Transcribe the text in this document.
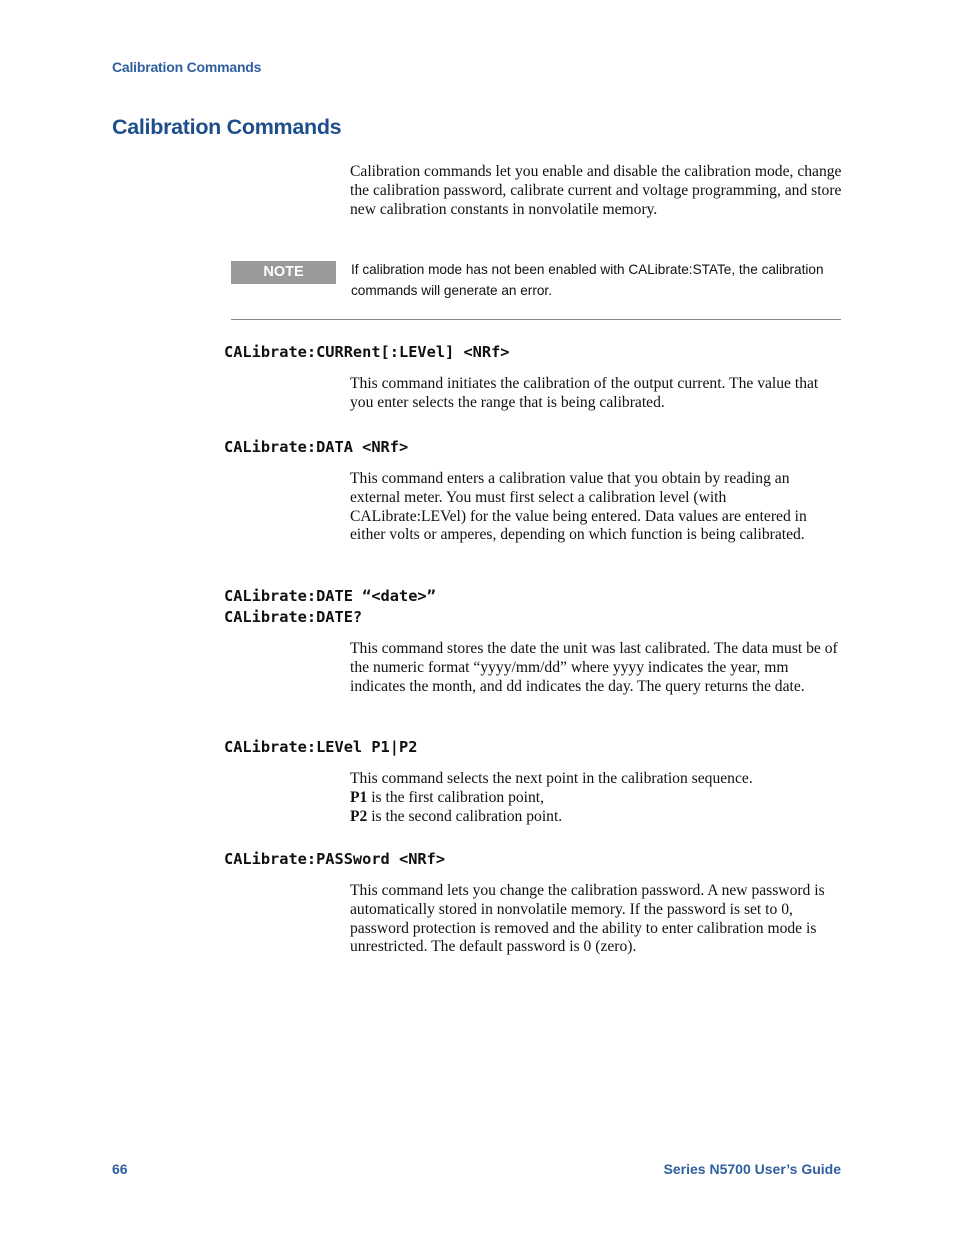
Calibration Commands
Calibration Commands

Calibration commands let you enable and disable the calibration mode, change the calibration password, calibrate current and voltage programming, and store new calibration constants in nonvolatile memory.

NOTE	If calibration mode has not been enabled with CALibrate:STATe, the calibration
commands will generate an error.

CALibrate:CURRent[:LEVel] <NRf>

This command initiates the calibration of the output current. The value that you enter selects the range that is being calibrated.

CALibrate:DATA <NRf>

This command enters a calibration value that you obtain by reading an external meter. You must first select a calibration level (with CALibrate:LEVel) for the value being entered. Data values are entered in either volts or amperes, depending on which function is being calibrated.

CALibrate:DATE “<date>”
CALibrate:DATE?

This command stores the date the unit was last calibrated. The data must be of the numeric format “yyyy/mm/dd” where yyyy indicates the year, mm indicates the month, and dd indicates the day. The query returns the date.

CALibrate:LEVel P1|P2
This command selects the next point in the calibration sequence.
P1 is the first calibration point,
P2 is the second calibration point.
CALibrate:PASSword <NRf>

This command lets you change the calibration password. A new password is automatically stored in nonvolatile memory. If the password is set to 0, password protection is removed and the ability to enter calibration mode is unrestricted. The default password is 0 (zero).

66	Series N5700 User’s Guide
